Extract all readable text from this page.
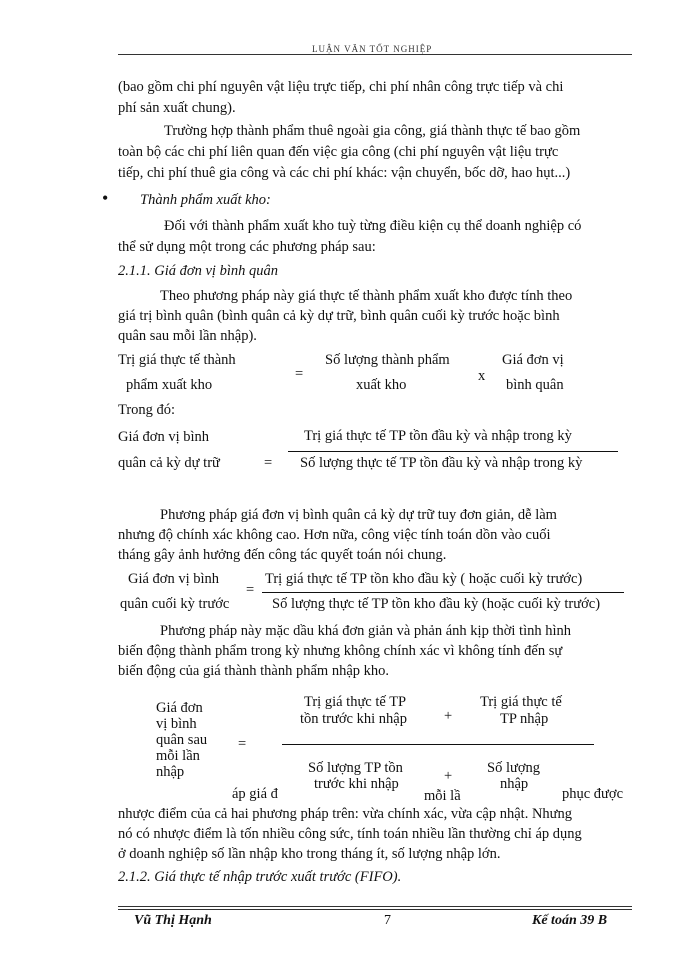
LUẬN VĂN TỐT NGHIỆP
(bao gồm chi phí nguyên vật liệu trực tiếp, chi phí nhân công trực tiếp và chi
phí sản xuất chung).
Trường hợp thành phẩm thuê ngoài gia công, giá thành thực tế bao gồm
toàn bộ các chi phí liên quan đến việc gia công (chi phí nguyên vật liệu trực
tiếp, chi phí thuê gia công và các chi phí khác: vận chuyển, bốc dỡ, hao hụt...)
• Thành phẩm xuất kho:
Đối với thành phẩm xuất kho tuỳ từng điều kiện cụ thể doanh nghiệp có
thể sử dụng một trong các phương pháp sau:
2.1.1. Giá đơn vị bình quân
Theo phương pháp này giá thực tế thành phẩm xuất kho được tính theo
giá trị bình quân (bình quân cả kỳ dự trữ, bình quân cuối kỳ trước hoặc bình
quân sau mỗi lần nhập).
Trị giá thực tế thành
phẩm xuất kho
=
Số lượng thành phẩm
xuất kho
x
Giá đơn vị
bình quân
Trong đó:
Giá đơn vị bình
quân cả kỳ dự trữ	=
Trị giá thực tế TP tồn đầu kỳ và nhập trong kỳ
Số lượng thực tế TP tồn đầu kỳ và nhập trong kỳ
Phương pháp giá đơn vị bình quân cả kỳ dự trữ tuy đơn giản, dễ làm
nhưng độ chính xác không cao. Hơn nữa, công việc tính toán dồn vào cuối
tháng gây ảnh hưởng đến công tác quyết toán nói chung.
Giá đơn vị bình
quân cuối kỳ trước
=
Trị giá thực tế TP tồn kho đầu kỳ ( hoặc cuối kỳ trước)
Số lượng thực tế TP tồn kho đầu kỳ (hoặc cuối kỳ trước)
Phương pháp này mặc dầu khá đơn giản và phản ánh kịp thời tình hình
biến động thành phẩm trong kỳ nhưng không chính xác vì không tính đến sự
biến động của giá thành thành phẩm nhập kho.
Giá đơn
vị bình
quân sau
mỗi lần
nhập
=
Trị giá thực tế TP
tồn trước khi nhập	+
Trị giá thực tế
TP nhập
Số lượng TP tồn
trước khi nhập	+ Số lượng
nhập
áp giá đ	mỗi lầ	phục được
nhược điểm của cả hai phương pháp trên: vừa chính xác, vừa cập nhật. Nhưng
nó có nhược điểm là tốn nhiều công sức, tính toán nhiều lần thường chỉ áp dụng
ở doanh nghiệp số lần nhập kho trong tháng ít, số lượng nhập lớn.
2.1.2. Giá thực tế nhập trước xuất trước (FIFO).
Vũ Thị Hạnh	7	Kế toán 39 B
